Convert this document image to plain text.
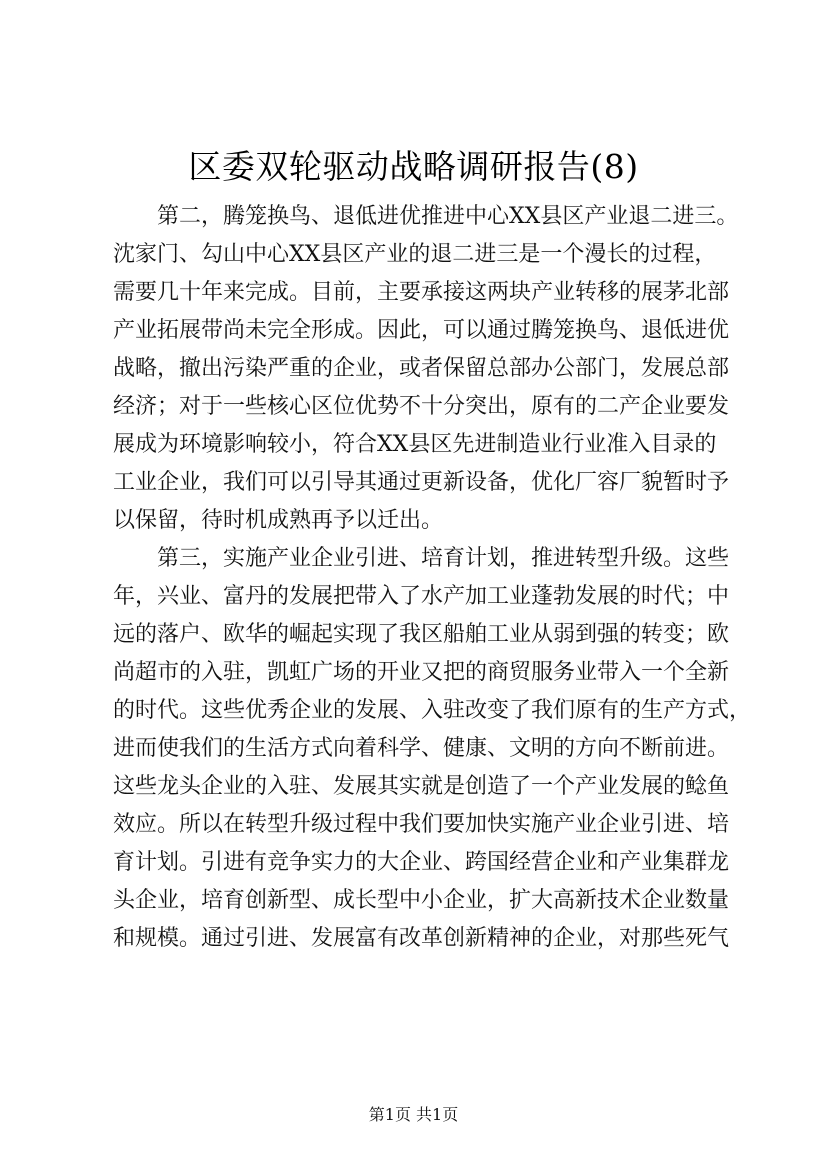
区委双轮驱动战略调研报告(8)
　　第二，腾笼换鸟、退低进优推进中心XX县区产业退二进三。
沈家门、勾山中心XX县区产业的退二进三是一个漫长的过程，
需要几十年来完成。目前，主要承接这两块产业转移的展茅北部
产业拓展带尚未完全形成。因此，可以通过腾笼换鸟、退低进优
战略，撤出污染严重的企业，或者保留总部办公部门，发展总部
经济；对于一些核心区位优势不十分突出，原有的二产企业要发
展成为环境影响较小，符合XX县区先进制造业行业准入目录的
工业企业，我们可以引导其通过更新设备，优化厂容厂貌暂时予
以保留，待时机成熟再予以迁出。
　　第三，实施产业企业引进、培育计划，推进转型升级。这些
年，兴业、富丹的发展把带入了水产加工业蓬勃发展的时代；中
远的落户、欧华的崛起实现了我区船舶工业从弱到强的转变；欧
尚超市的入驻，凯虹广场的开业又把的商贸服务业带入一个全新
的时代。这些优秀企业的发展、入驻改变了我们原有的生产方式，
进而使我们的生活方式向着科学、健康、文明的方向不断前进。
这些龙头企业的入驻、发展其实就是创造了一个产业发展的鲶鱼
效应。所以在转型升级过程中我们要加快实施产业企业引进、培
育计划。引进有竞争实力的大企业、跨国经营企业和产业集群龙
头企业，培育创新型、成长型中小企业，扩大高新技术企业数量
和规模。通过引进、发展富有改革创新精神的企业，对那些死气
第1页 共1页
